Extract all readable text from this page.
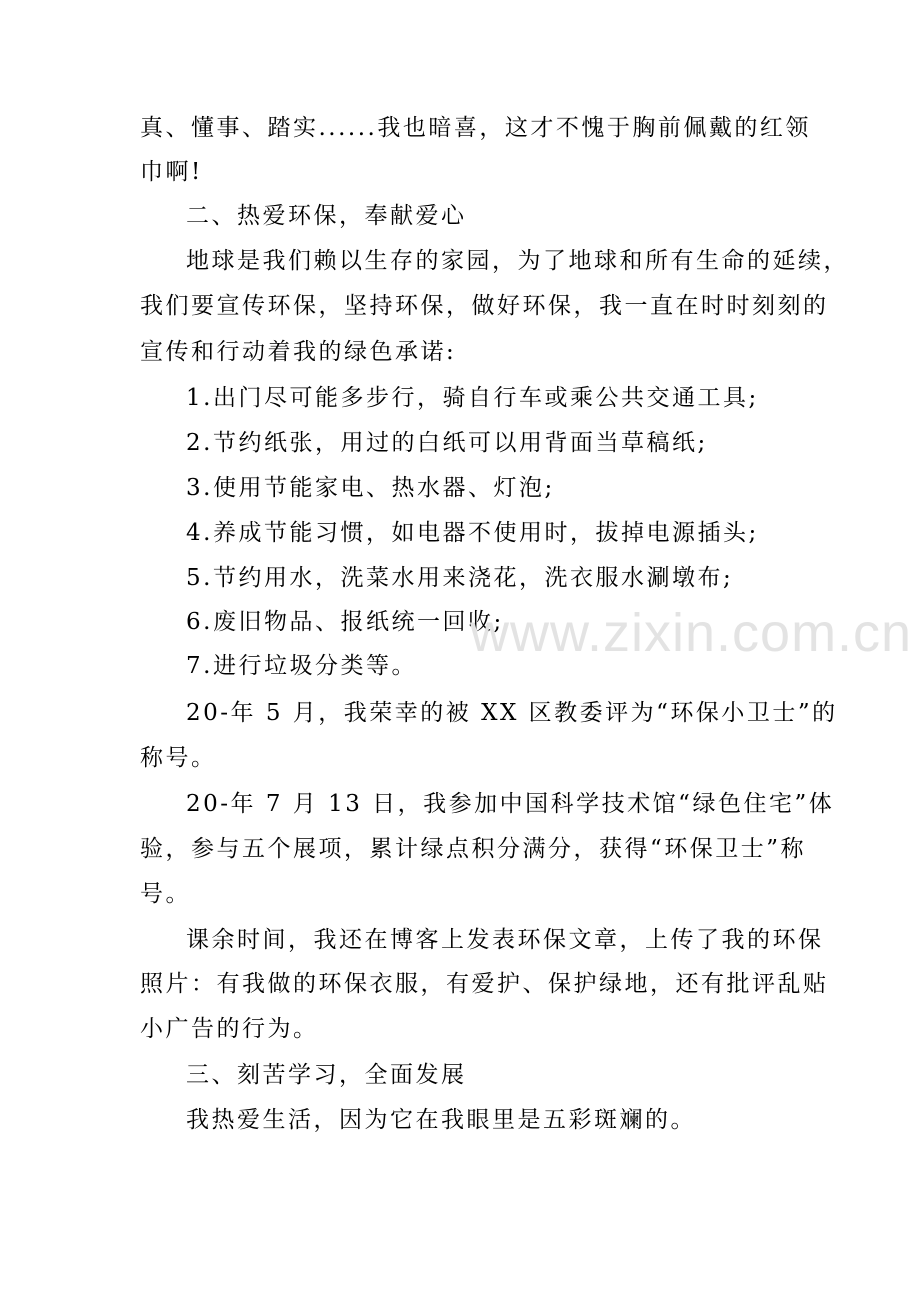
真、懂事、踏实......我也暗喜，这才不愧于胸前佩戴的红领
巾啊!
二、热爱环保，奉献爱心
地球是我们赖以生存的家园，为了地球和所有生命的延续，
我们要宣传环保，坚持环保，做好环保，我一直在时时刻刻的
宣传和行动着我的绿色承诺:
1.出门尽可能多步行，骑自行车或乘公共交通工具;
2.节约纸张，用过的白纸可以用背面当草稿纸;
3.使用节能家电、热水器、灯泡;
4.养成节能习惯，如电器不使用时，拔掉电源插头;
5.节约用水，洗菜水用来浇花，洗衣服水涮墩布;
6.废旧物品、报纸统一回收;
7.进行垃圾分类等。
20-年 5 月，我荣幸的被 XX 区教委评为“环保小卫士”的
称号。
20-年 7 月 13 日，我参加中国科学技术馆“绿色住宅”体
验，参与五个展项，累计绿点积分满分，获得“环保卫士”称
号。
课余时间，我还在博客上发表环保文章，上传了我的环保
照片：有我做的环保衣服，有爱护、保护绿地，还有批评乱贴
小广告的行为。
三、刻苦学习，全面发展
我热爱生活，因为它在我眼里是五彩斑斓的。
www.zixin.com.cn
